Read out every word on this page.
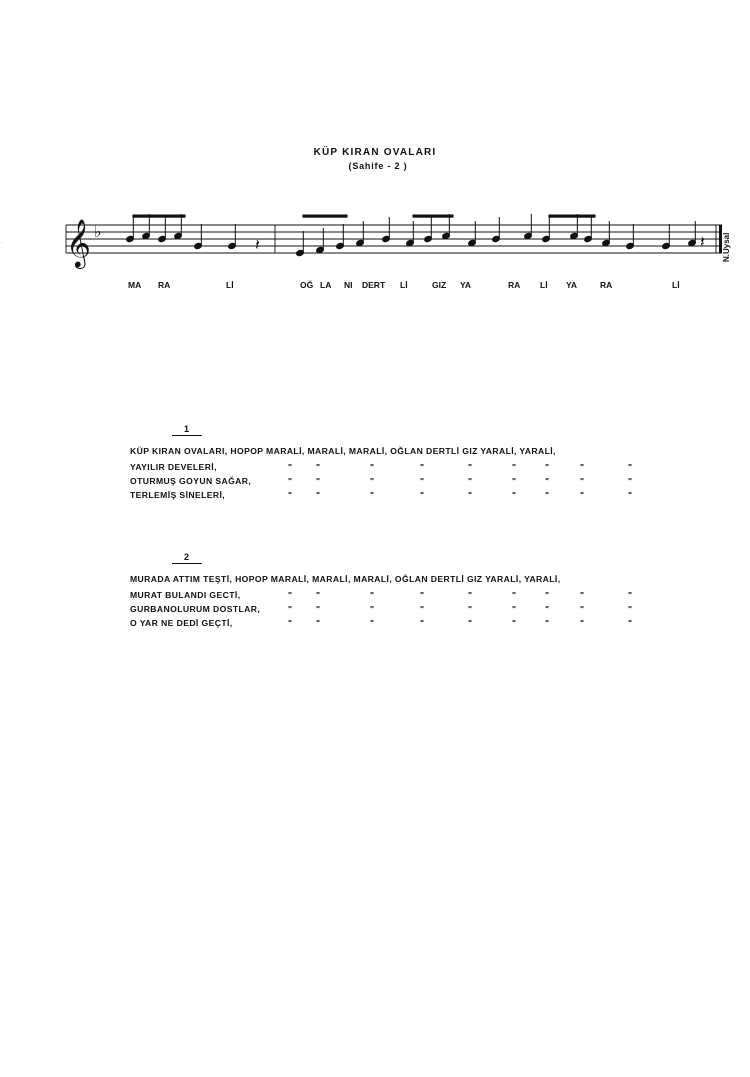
KÜP KIRAN OVALARI
(Sahife - 2 )
𝄞 ♭
𝄽	𝄽
·
MA RA	Lİ	OĞ LA NI DERT Lİ	GIZ YA	RA Lİ YA	RA	Lİ
N.Uysal
1
KÜP KIRAN OVALARI, HOPOP MARALİ, MARALİ, MARALİ, OĞLAN DERTLİ GIZ YARALİ, YARALİ,
YAYILIR DEVELERİ,	"	"	"	"	"	"	"	"	"
OTURMUŞ GOYUN SAĞAR,	"	"	"	"	"	"	"	"	"
TERLEMİŞ SİNELERİ,	"	"	"	"	"	"	"	"	"
2
MURADA ATTIM TEŞTİ, HOPOP MARALİ, MARALİ, MARALİ, OĞLAN DERTLİ GIZ YARALİ, YARALİ,
MURAT BULANDI GECTİ,	"	"	"	"	"	"	"	"	"
GURBANOLURUM DOSTLAR,	"	"	"	"	"	"	"	"	"
O YAR NE DEDİ GEÇTİ,	"	"	"	"	"	"	"	"	"
